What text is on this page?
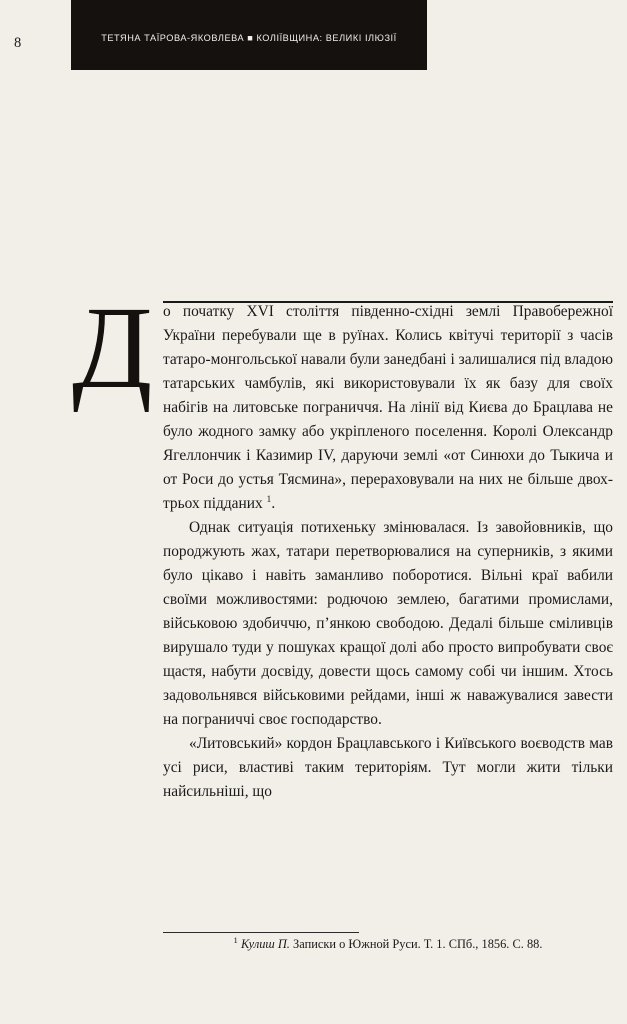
ТЕТЯНА ТАЇРОВА-ЯКОВЛЕВА ■ КОЛIЇВЩИНА: ВЕЛИКI IЛЮЗIЇ
8
Д о початку XVI століття південно-східні землі Правобережної України перебували ще в руїнах. Колись квітучі території з часів татаро-монгольської навали були занедбані і залишалися під владою татарських чамбулів, які використовували їх як базу для своїх набігів на литовське пограниччя. На лінії від Києва до Брацлава не було жодного замку або укріпленого поселення. Королі Олександр Ягеллончик і Казимир IV, даруючи землі «от Синюхи до Тыкича и от Роси до устья Тясмина», перераховували на них не більше двох-трьох підданих $^1$.

Однак ситуація потихеньку змінювалася. Із завойовників, що породжують жах, татари перетворювалися на суперників, з якими було цікаво і навіть заманливо поборотися. Вільні краї вабили своїми можливостями: родючою землею, багатими промислами, військовою здобиччю, п’янкою свободою. Дедалі більше сміливців вирушало туди у пошуках кращої долі або просто випробувати своє щастя, набути досвіду, довести щось самому собі чи іншим. Хтось задовольнявся військовими рейдами, інші ж наважувалися завести на пограниччі своє господарство.

«Литовський» кордон Брацлавського і Київського воєводств мав усі риси, властиві таким територіям. Тут могли жити тільки найсильніші, що

$^1$ Кулиш П. Записки о Южной Руси. Т. 1. СПб., 1856. С. 88.
